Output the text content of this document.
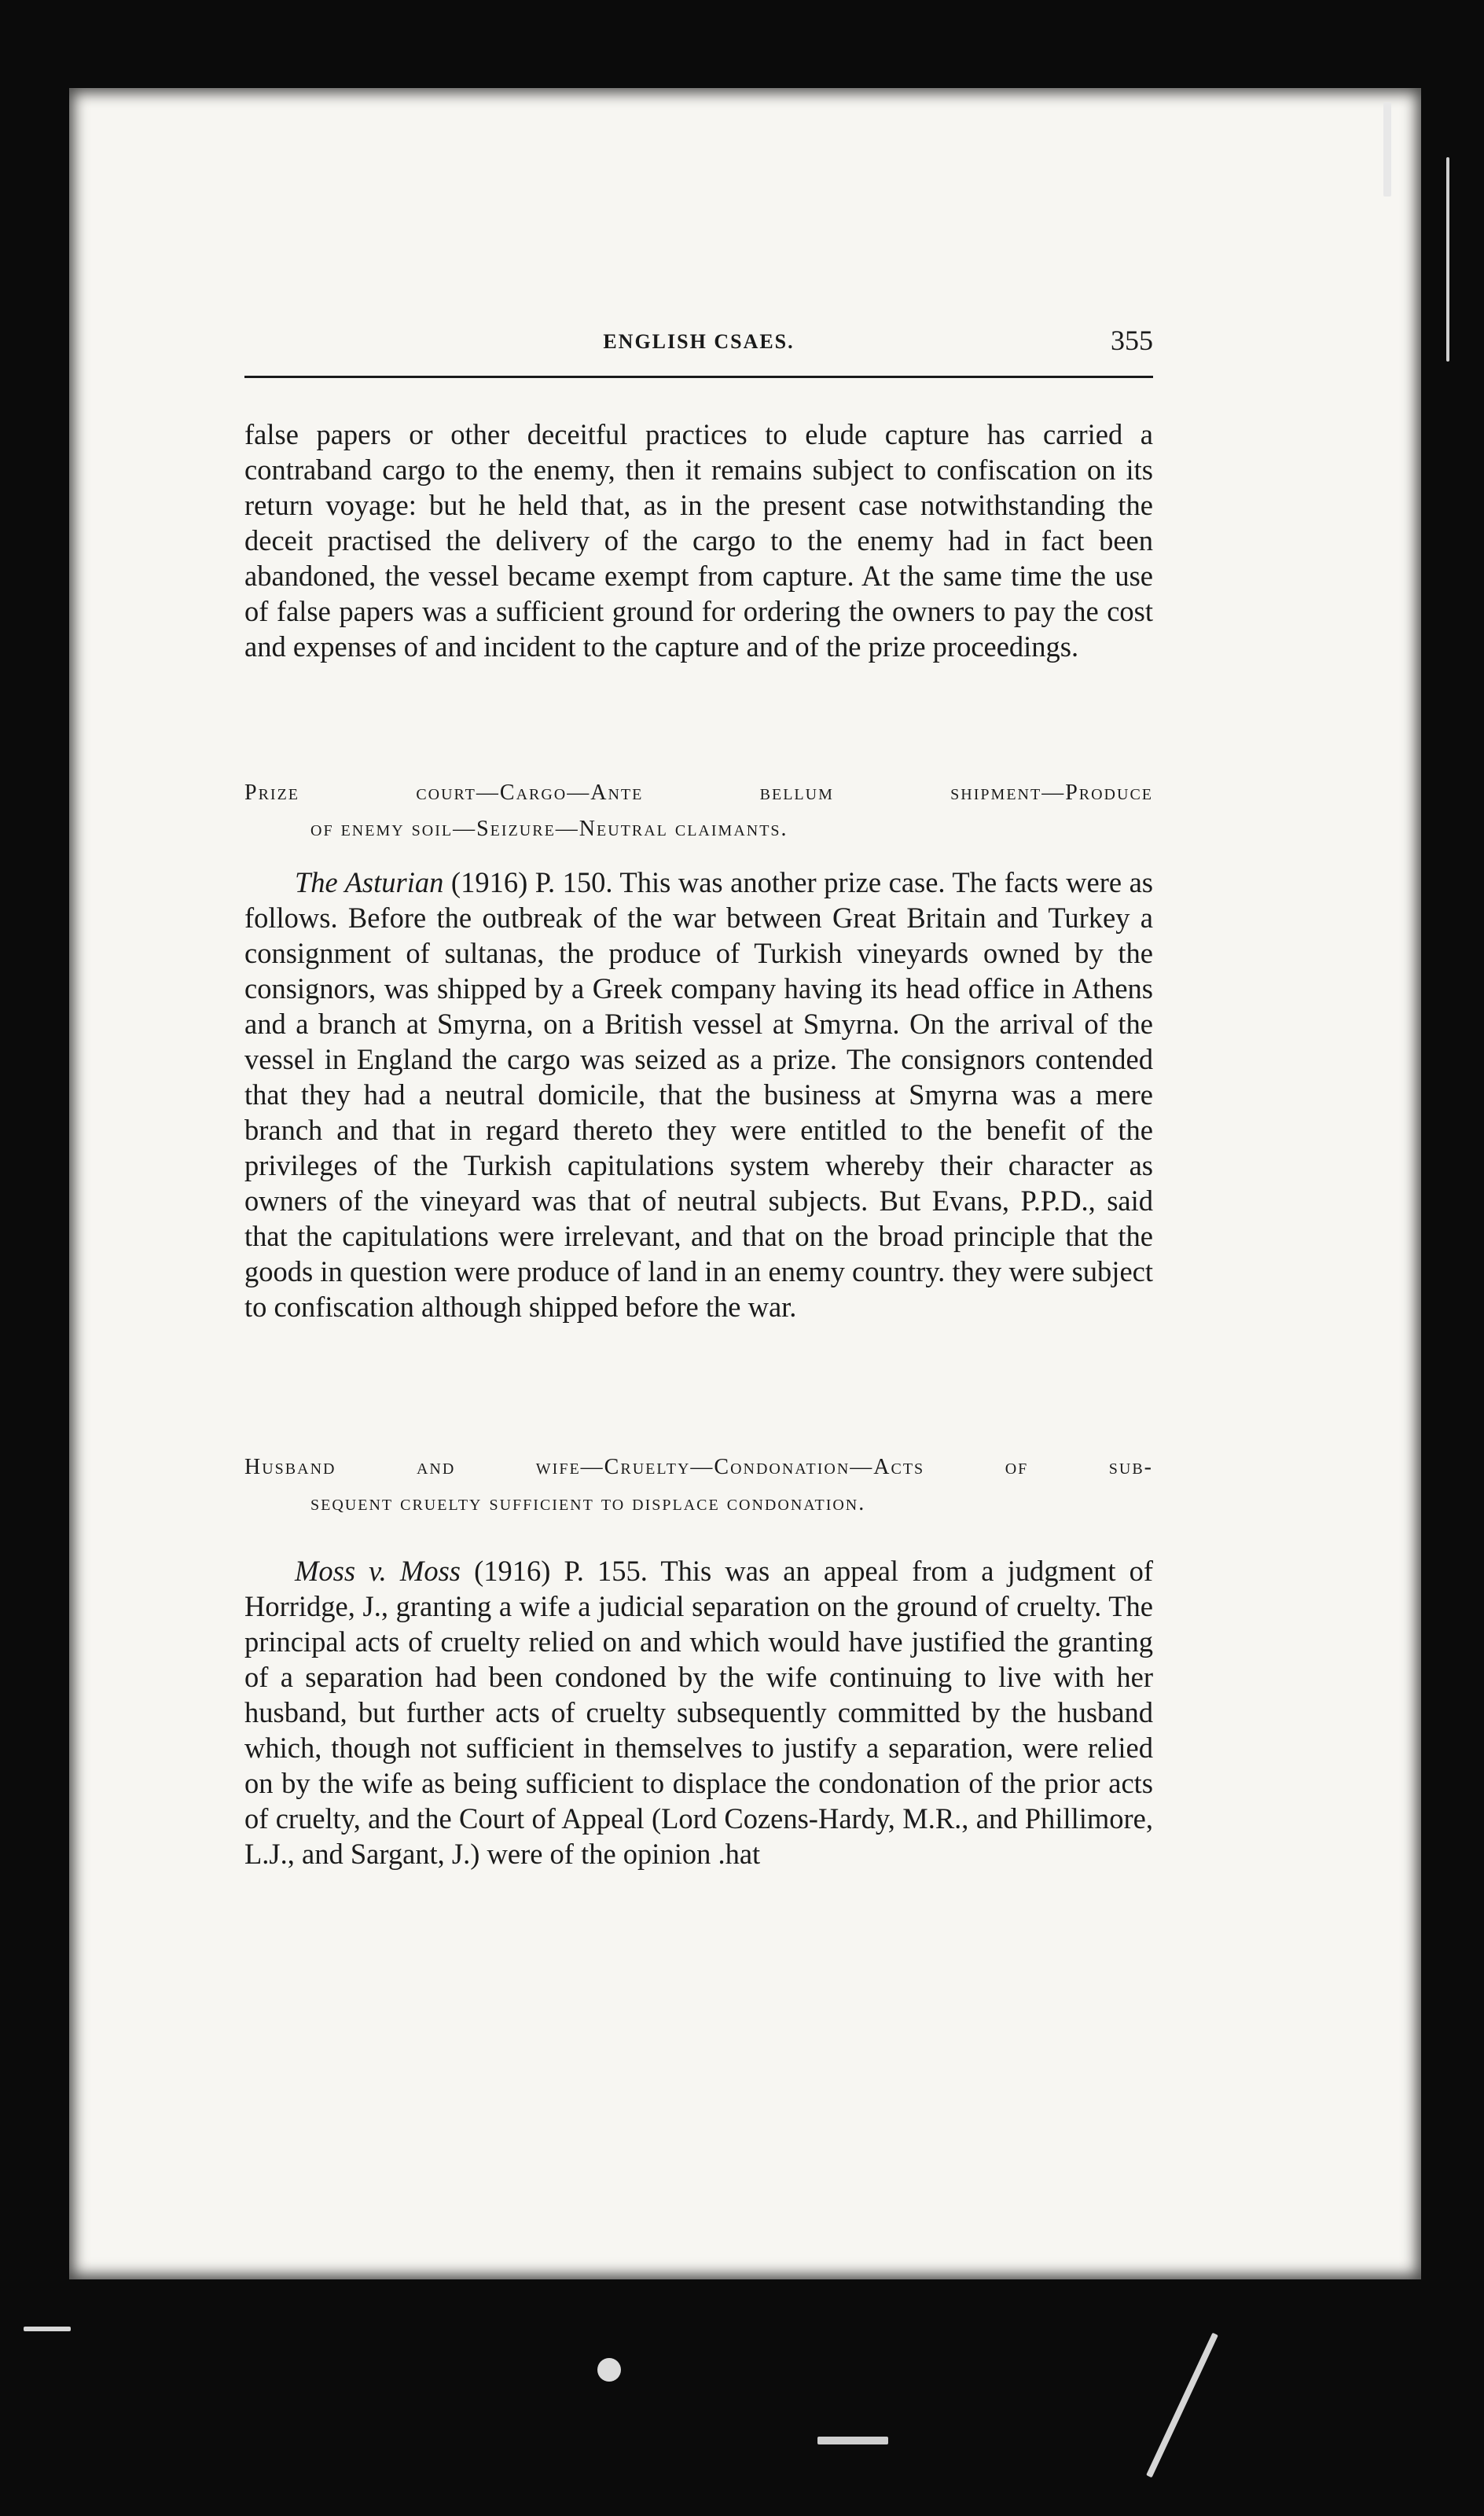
ENGLISH CSAES.	355

false papers or other deceitful practices to elude capture has carried a contraband cargo to the enemy, then it remains subject to confiscation on its return voyage: but he held that, as in the present case notwithstanding the deceit practised the delivery of the cargo to the enemy had in fact been abandoned, the vessel became exempt from capture. At the same time the use of false papers was a sufficient ground for ordering the owners to pay the cost and expenses of and incident to the capture and of the prize proceedings.

Prize court—Cargo—Ante bellum shipment—Produce
of enemy soil—Seizure—Neutral claimants.

The Asturian (1916) P. 150. This was another prize case. The facts were as follows. Before the outbreak of the war between Great Britain and Turkey a consignment of sultanas, the produce of Turkish vineyards owned by the consignors, was shipped by a Greek company having its head office in Athens and a branch at Smyrna, on a British vessel at Smyrna. On the arrival of the vessel in England the cargo was seized as a prize. The consignors contended that they had a neutral domicile, that the business at Smyrna was a mere branch and that in regard thereto they were entitled to the benefit of the privileges of the Turkish capitulations system whereby their character as owners of the vineyard was that of neutral subjects. But Evans, P.P.D., said that the capitulations were irrelevant, and that on the broad principle that the goods in question were produce of land in an enemy country. they were subject to confiscation although shipped before the war.

Husband and wife—Cruelty—Condonation—Acts of sub-
sequent cruelty sufficient to displace condonation.

Moss v. Moss (1916) P. 155. This was an appeal from a judgment of Horridge, J., granting a wife a judicial separation on the ground of cruelty. The principal acts of cruelty relied on and which would have justified the granting of a separation had been condoned by the wife continuing to live with her husband, but further acts of cruelty subsequently committed by the husband which, though not sufficient in themselves to justify a separation, were relied on by the wife as being sufficient to displace the condonation of the prior acts of cruelty, and the Court of Appeal (Lord Cozens-Hardy, M.R., and Phillimore, L.J., and Sargant, J.) were of the opinion .hat
